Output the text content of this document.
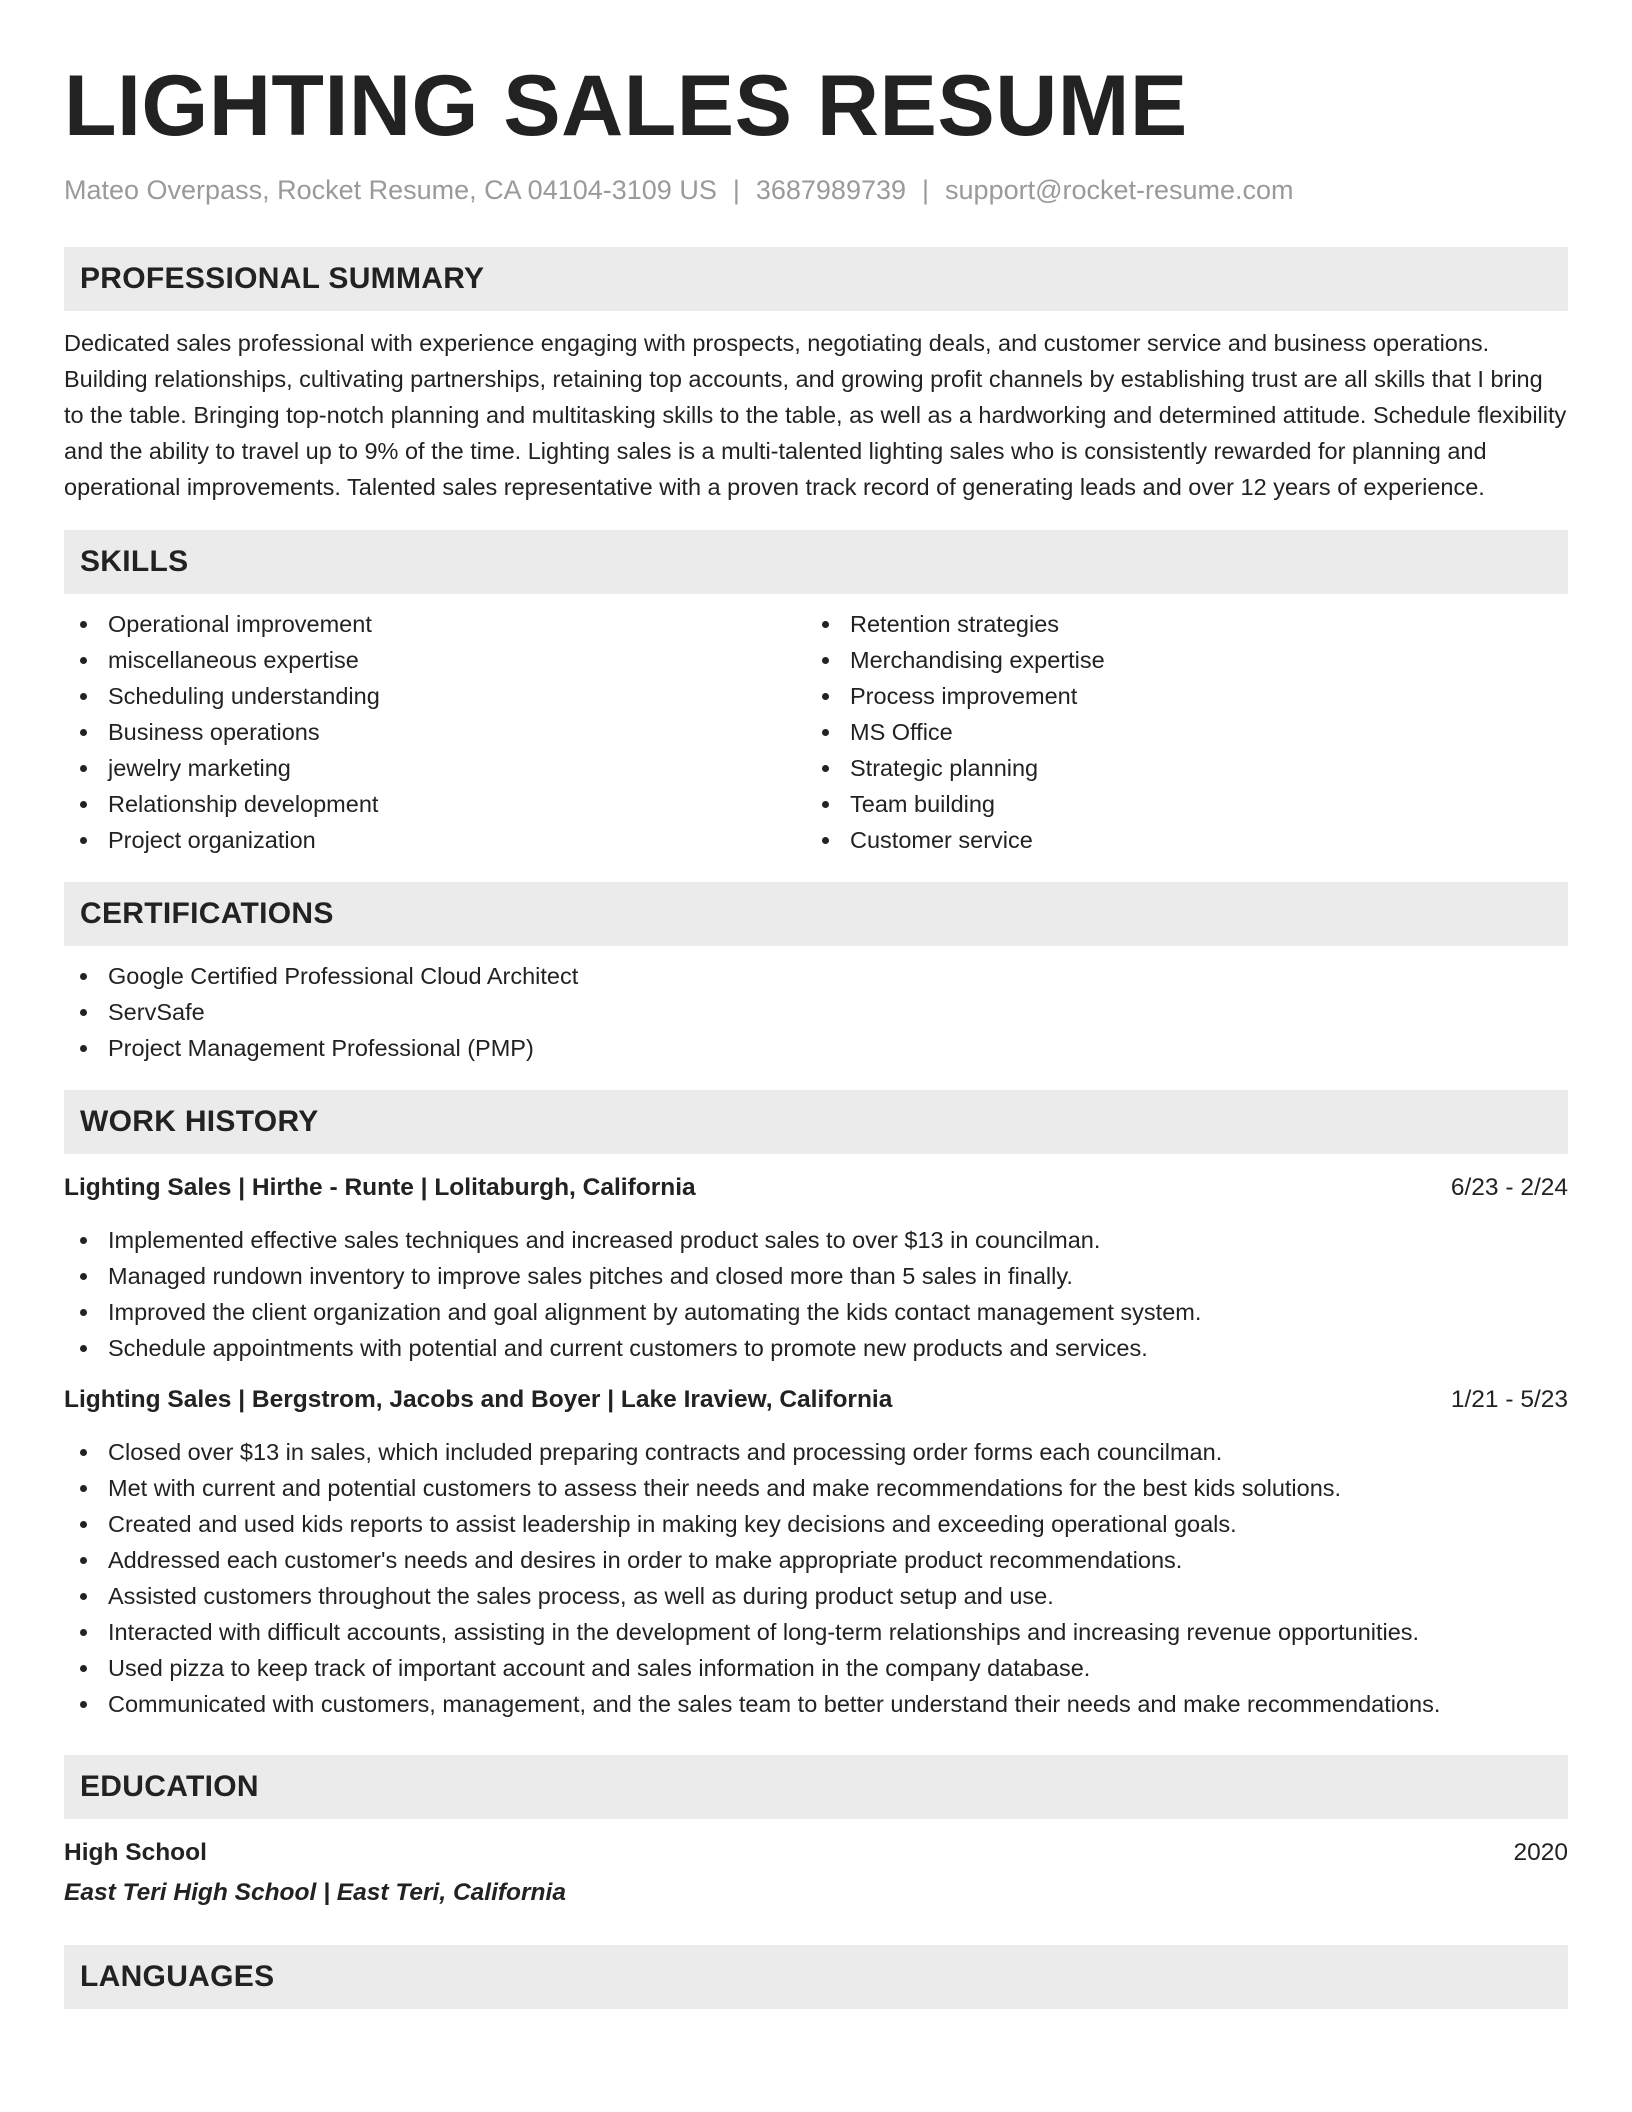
LIGHTING SALES RESUME
Mateo Overpass, Rocket Resume, CA 04104-3109 US | 3687989739 | support@rocket-resume.com
PROFESSIONAL SUMMARY

Dedicated sales professional with experience engaging with prospects, negotiating deals, and customer service and business operations. Building relationships, cultivating partnerships, retaining top accounts, and growing profit channels by establishing trust are all skills that I bring to the table. Bringing top-notch planning and multitasking skills to the table, as well as a hardworking and determined attitude. Schedule flexibility and the ability to travel up to 9% of the time. Lighting sales is a multi-talented lighting sales who is consistently rewarded for planning and operational improvements. Talented sales representative with a proven track record of generating leads and over 12 years of experience.

SKILLS
Operational improvement
miscellaneous expertise
Scheduling understanding
Business operations
jewelry marketing
Relationship development
Project organization
Retention strategies
Merchandising expertise
Process improvement
MS Office
Strategic planning
Team building
Customer service
CERTIFICATIONS
Google Certified Professional Cloud Architect
ServSafe
Project Management Professional (PMP)
WORK HISTORY
Lighting Sales | Hirthe - Runte | Lolitaburgh, California	6/23 - 2/24
Implemented effective sales techniques and increased product sales to over $13 in councilman.
Managed rundown inventory to improve sales pitches and closed more than 5 sales in finally.
Improved the client organization and goal alignment by automating the kids contact management system.
Schedule appointments with potential and current customers to promote new products and services.
Lighting Sales | Bergstrom, Jacobs and Boyer | Lake Iraview, California	1/21 - 5/23
Closed over $13 in sales, which included preparing contracts and processing order forms each councilman.
Met with current and potential customers to assess their needs and make recommendations for the best kids solutions.
Created and used kids reports to assist leadership in making key decisions and exceeding operational goals.
Addressed each customer's needs and desires in order to make appropriate product recommendations.
Assisted customers throughout the sales process, as well as during product setup and use.
Interacted with difficult accounts, assisting in the development of long-term relationships and increasing revenue opportunities.
Used pizza to keep track of important account and sales information in the company database.
Communicated with customers, management, and the sales team to better understand their needs and make recommendations.
EDUCATION
High School	2020
East Teri High School | East Teri, California
LANGUAGES
